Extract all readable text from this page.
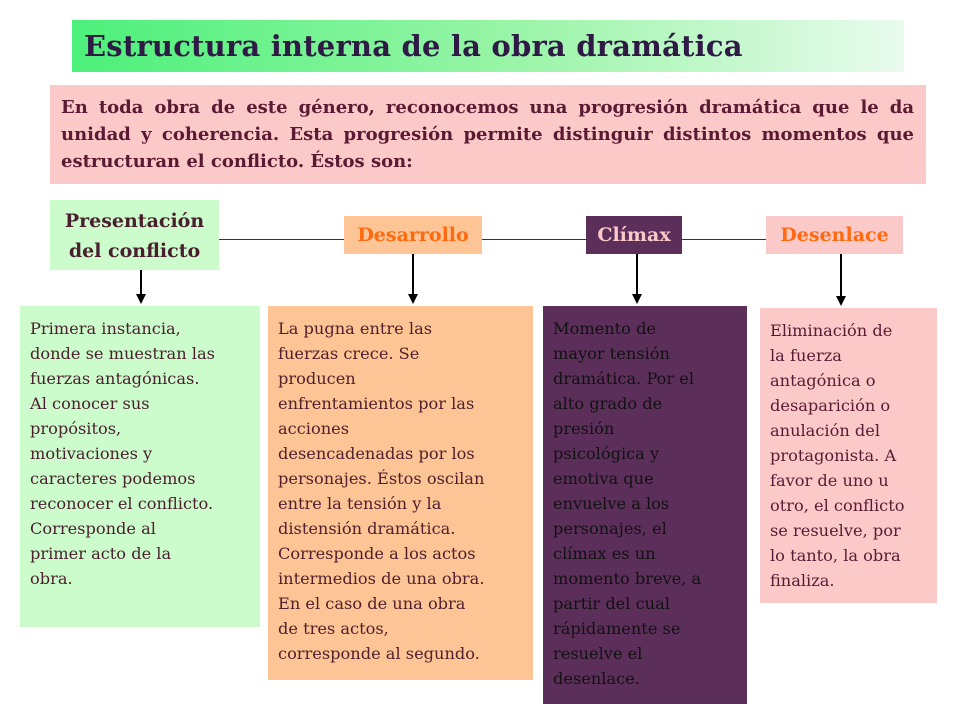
Estructura interna de la obra dramática
En toda obra de este género, reconocemos una progresión dramática que le da unidad y coherencia. Esta progresión permite distinguir distintos momentos que estructuran el conflicto. Éstos son:
Presentación
del conflicto
Desarrollo	Clímax	Desenlace
Primera instancia,
donde se muestran las
fuerzas antagónicas.
Al conocer sus
propósitos,
motivaciones y
caracteres podemos
reconocer el conflicto.
Corresponde al
primer acto de la
obra.
La pugna entre las
fuerzas crece. Se
producen
enfrentamientos por las
acciones
desencadenadas por los
personajes. Éstos oscilan
entre la tensión y la
distensión dramática.
Corresponde a los actos
intermedios de una obra.
En el caso de una obra
de tres actos,
corresponde al segundo.
Momento de
mayor tensión
dramática. Por el
alto grado de
presión
psicológica y
emotiva que
envuelve a los
personajes, el
clímax es un
momento breve, a
partir del cual
rápidamente se
resuelve el
desenlace.
Eliminación de
la fuerza
antagónica o
desaparición o
anulación del
protagonista. A
favor de uno u
otro, el conflicto
se resuelve, por
lo tanto, la obra
finaliza.
